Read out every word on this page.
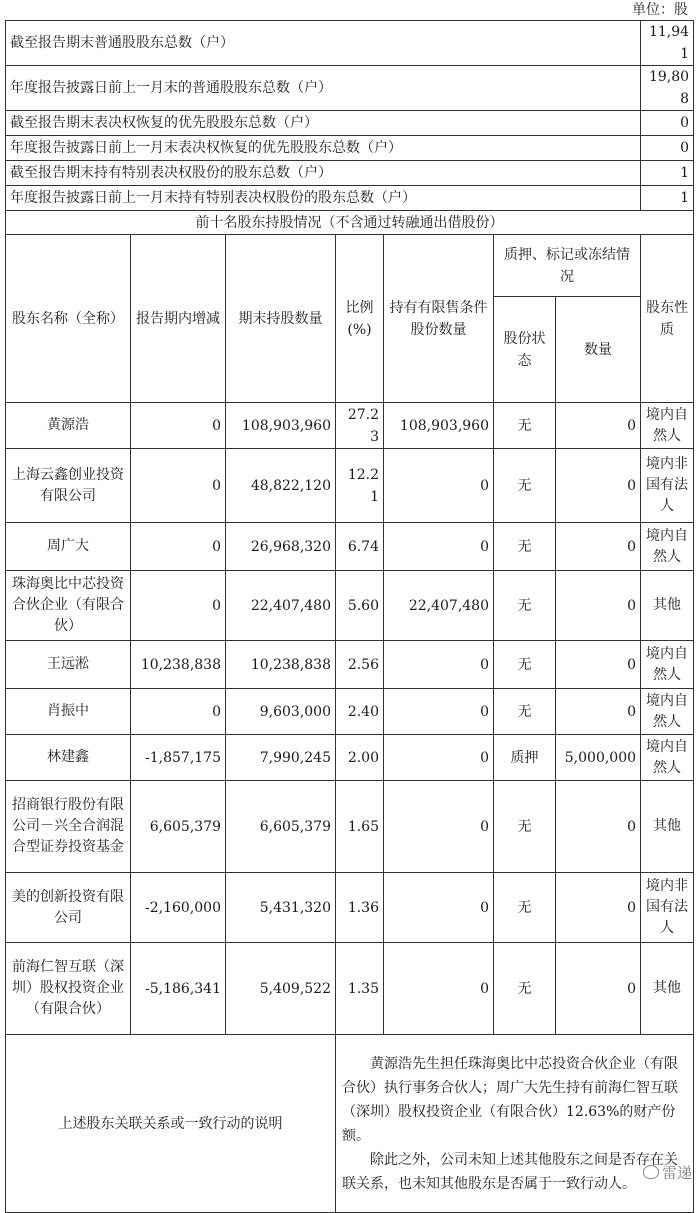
单位：股
截至报告期末普通股股东总数（户）							11,941
年度报告披露日前上一月末的普通股股东总数（户）							19,808
截至报告期末表决权恢复的优先股股东总数（户）							0
年度报告披露日前上一月末表决权恢复的优先股股东总数（户）							0
截至报告期末持有特别表决权股份的股东总数（户）							1
年度报告披露日前上一月末持有特别表决权股份的股东总数（户）							1
前十名股东持股情况（不含通过转融通出借股份）							
股东名称（全称）	报告期内增减	期末持股数量	比例(%)	持有有限售条件股份数量	质押、标记或冻结情况		股东性质
					股份状态	数量	
黄源浩	0	108,903,960	27.23	108,903,960	无	0	境内自然人
上海云鑫创业投资有限公司	0	48,822,120	12.21	0	无	0	境内非国有法人
周广大	0	26,968,320	6.74	0	无	0	境内自然人
珠海奥比中芯投资合伙企业（有限合伙）	0	22,407,480	5.60	22,407,480	无	0	其他
王远淞	10,238,838	10,238,838	2.56	0	无	0	境内自然人
肖振中	0	9,603,000	2.40	0	无	0	境内自然人
林建鑫	-1,857,175	7,990,245	2.00	0	质押	5,000,000	境内自然人
招商银行股份有限公司－兴全合润混合型证券投资基金	6,605,379	6,605,379	1.65	0	无	0	其他
美的创新投资有限公司	-2,160,000	5,431,320	1.36	0	无	0	境内非国有法人
前海仁智互联（深圳）股权投资企业（有限合伙）	-5,186,341	5,409,522	1.35	0	无	0	其他
上述股东关联关系或一致行动的说明			黄源浩先生担任珠海奥比中芯投资合伙企业（有限合伙）执行事务合伙人；周广大先生持有前海仁智互联（深圳）股权投资企业（有限合伙）12.63%的财产份额。

除此之外，公司未知上述其他股东之间是否存在关联关系，也未知其他股东是否属于一致行动人。				

雷递
